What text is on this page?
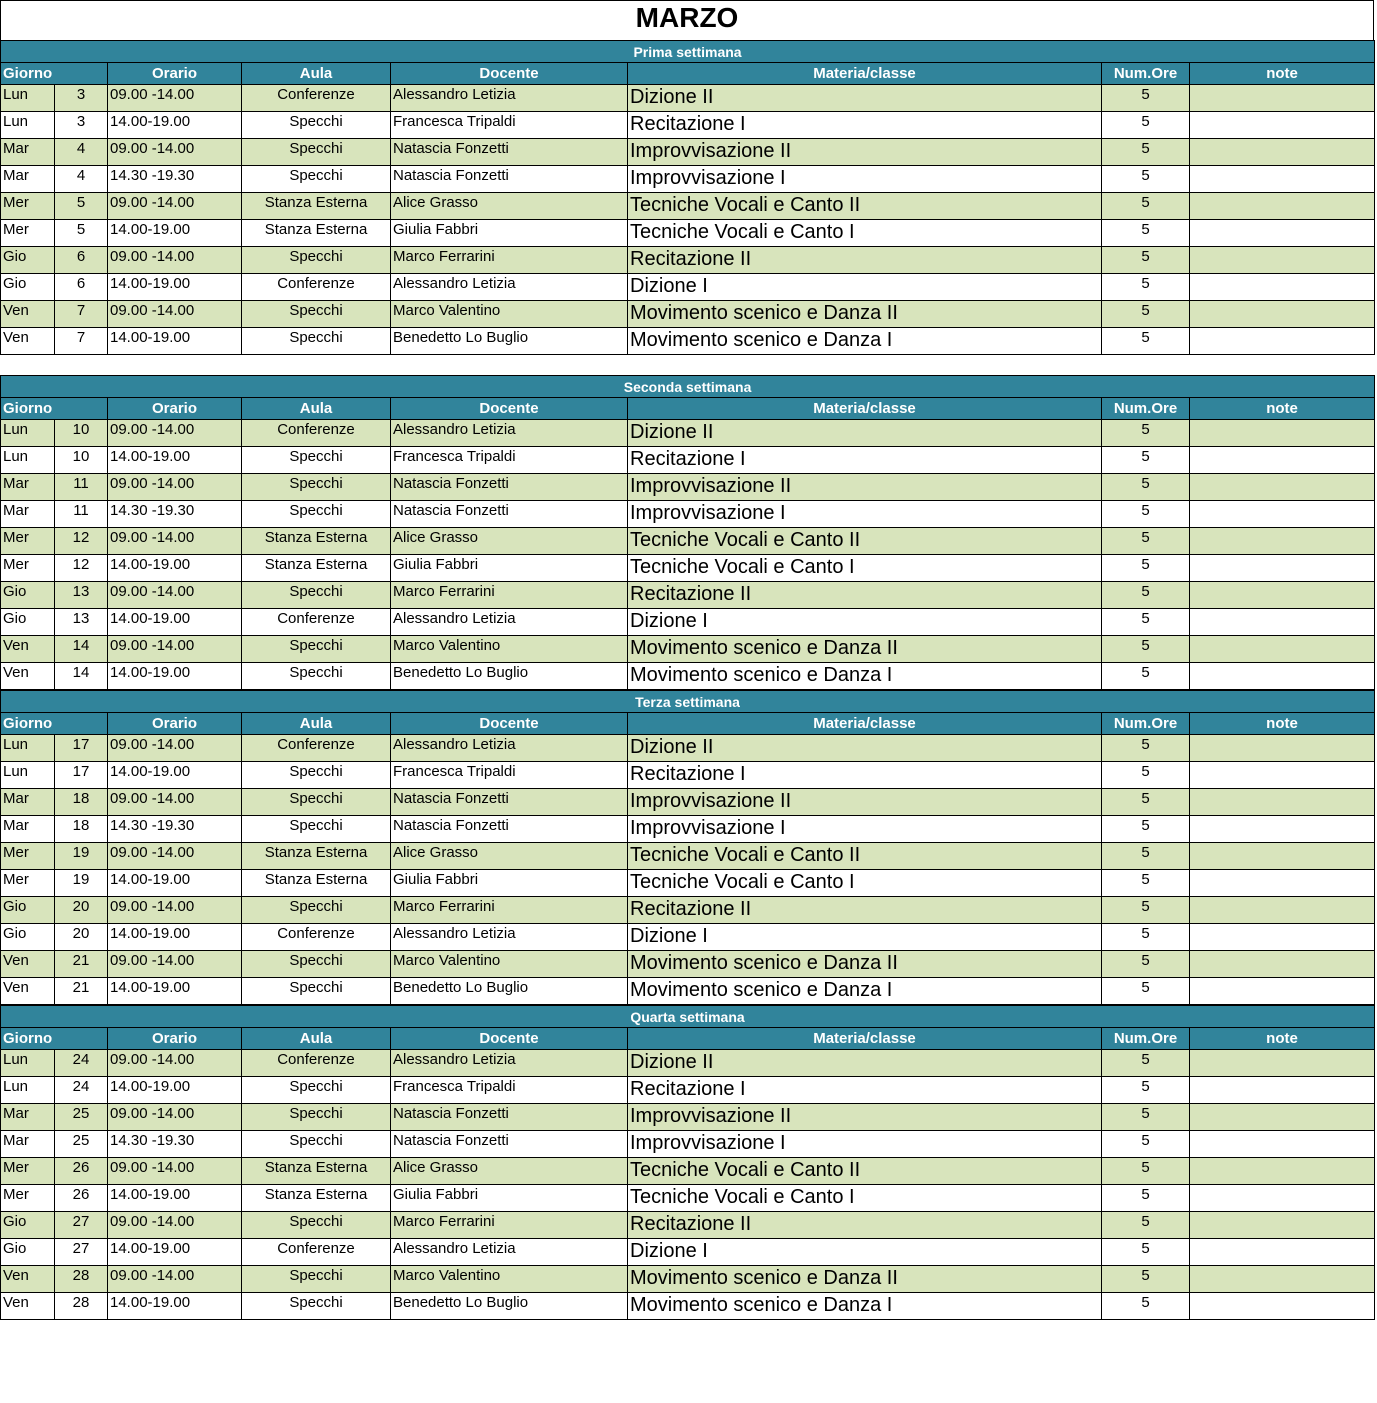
MARZO
Prima settimana							
Giorno		Orario	Aula	Docente	Materia/classe	Num.Ore	note
Lun	3	09.00 -14.00	Conferenze	Alessandro Letizia	Dizione II	5	
Lun	3	14.00-19.00	Specchi	Francesca Tripaldi	Recitazione I	5	
Mar	4	09.00 -14.00	Specchi	Natascia Fonzetti	Improvvisazione II	5	
Mar	4	14.30 -19.30	Specchi	Natascia Fonzetti	Improvvisazione I	5	
Mer	5	09.00 -14.00	Stanza Esterna	Alice Grasso	Tecniche Vocali e Canto II	5	
Mer	5	14.00-19.00	Stanza Esterna	Giulia Fabbri	Tecniche Vocali e Canto I	5	
Gio	6	09.00 -14.00	Specchi	Marco Ferrarini	Recitazione II	5	
Gio	6	14.00-19.00	Conferenze	Alessandro Letizia	Dizione I	5	
Ven	7	09.00 -14.00	Specchi	Marco Valentino	Movimento scenico e Danza II	5	
Ven	7	14.00-19.00	Specchi	Benedetto Lo Buglio	Movimento scenico e Danza I	5	
Seconda settimana							
Giorno		Orario	Aula	Docente	Materia/classe	Num.Ore	note
Lun	10	09.00 -14.00	Conferenze	Alessandro Letizia	Dizione II	5	
Lun	10	14.00-19.00	Specchi	Francesca Tripaldi	Recitazione I	5	
Mar	11	09.00 -14.00	Specchi	Natascia Fonzetti	Improvvisazione II	5	
Mar	11	14.30 -19.30	Specchi	Natascia Fonzetti	Improvvisazione I	5	
Mer	12	09.00 -14.00	Stanza Esterna	Alice Grasso	Tecniche Vocali e Canto II	5	
Mer	12	14.00-19.00	Stanza Esterna	Giulia Fabbri	Tecniche Vocali e Canto I	5	
Gio	13	09.00 -14.00	Specchi	Marco Ferrarini	Recitazione II	5	
Gio	13	14.00-19.00	Conferenze	Alessandro Letizia	Dizione I	5	
Ven	14	09.00 -14.00	Specchi	Marco Valentino	Movimento scenico e Danza II	5	
Ven	14	14.00-19.00	Specchi	Benedetto Lo Buglio	Movimento scenico e Danza I	5	
Terza settimana							
Giorno		Orario	Aula	Docente	Materia/classe	Num.Ore	note
Lun	17	09.00 -14.00	Conferenze	Alessandro Letizia	Dizione II	5	
Lun	17	14.00-19.00	Specchi	Francesca Tripaldi	Recitazione I	5	
Mar	18	09.00 -14.00	Specchi	Natascia Fonzetti	Improvvisazione II	5	
Mar	18	14.30 -19.30	Specchi	Natascia Fonzetti	Improvvisazione I	5	
Mer	19	09.00 -14.00	Stanza Esterna	Alice Grasso	Tecniche Vocali e Canto II	5	
Mer	19	14.00-19.00	Stanza Esterna	Giulia Fabbri	Tecniche Vocali e Canto I	5	
Gio	20	09.00 -14.00	Specchi	Marco Ferrarini	Recitazione II	5	
Gio	20	14.00-19.00	Conferenze	Alessandro Letizia	Dizione I	5	
Ven	21	09.00 -14.00	Specchi	Marco Valentino	Movimento scenico e Danza II	5	
Ven	21	14.00-19.00	Specchi	Benedetto Lo Buglio	Movimento scenico e Danza I	5	
Quarta settimana							
Giorno		Orario	Aula	Docente	Materia/classe	Num.Ore	note
Lun	24	09.00 -14.00	Conferenze	Alessandro Letizia	Dizione II	5	
Lun	24	14.00-19.00	Specchi	Francesca Tripaldi	Recitazione I	5	
Mar	25	09.00 -14.00	Specchi	Natascia Fonzetti	Improvvisazione II	5	
Mar	25	14.30 -19.30	Specchi	Natascia Fonzetti	Improvvisazione I	5	
Mer	26	09.00 -14.00	Stanza Esterna	Alice Grasso	Tecniche Vocali e Canto II	5	
Mer	26	14.00-19.00	Stanza Esterna	Giulia Fabbri	Tecniche Vocali e Canto I	5	
Gio	27	09.00 -14.00	Specchi	Marco Ferrarini	Recitazione II	5	
Gio	27	14.00-19.00	Conferenze	Alessandro Letizia	Dizione I	5	
Ven	28	09.00 -14.00	Specchi	Marco Valentino	Movimento scenico e Danza II	5	
Ven	28	14.00-19.00	Specchi	Benedetto Lo Buglio	Movimento scenico e Danza I	5	
